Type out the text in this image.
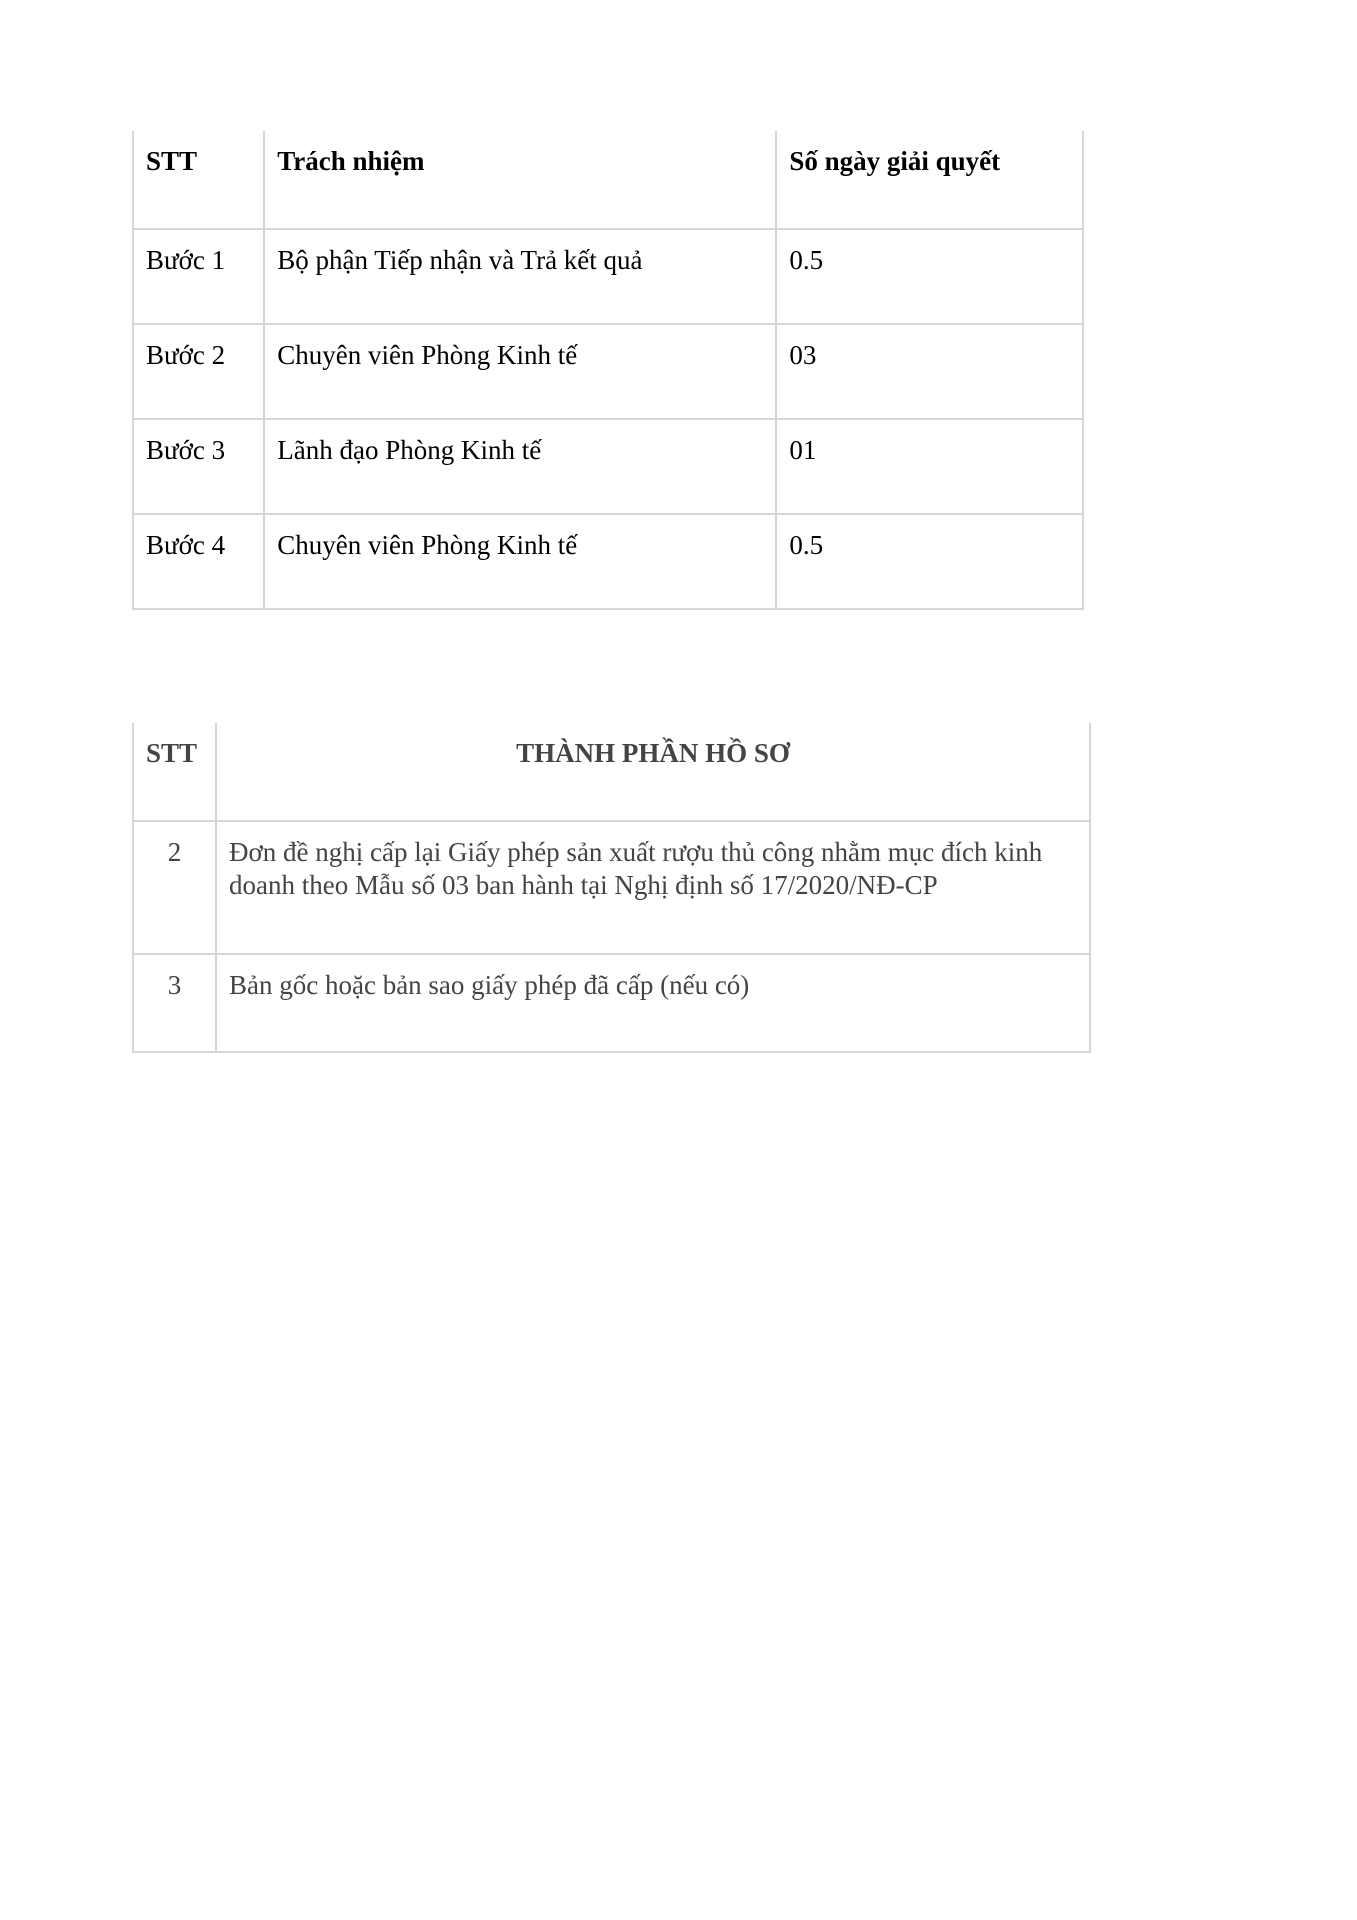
STT	Trách nhiệm	Số ngày giải quyết
Bước 1	Bộ phận Tiếp nhận và Trả kết quả	0.5
Bước 2	Chuyên viên Phòng Kinh tế	03
Bước 3	Lãnh đạo Phòng Kinh tế	01
Bước 4	Chuyên viên Phòng Kinh tế	0.5
STT	THÀNH PHẦN HỒ SƠ
2	Đơn đề nghị cấp lại Giấy phép sản xuất rượu thủ công nhằm mục đích kinh doanh theo Mẫu số 03 ban hành tại Nghị định số 17/2020/NĐ-CP
3	Bản gốc hoặc bản sao giấy phép đã cấp (nếu có)
